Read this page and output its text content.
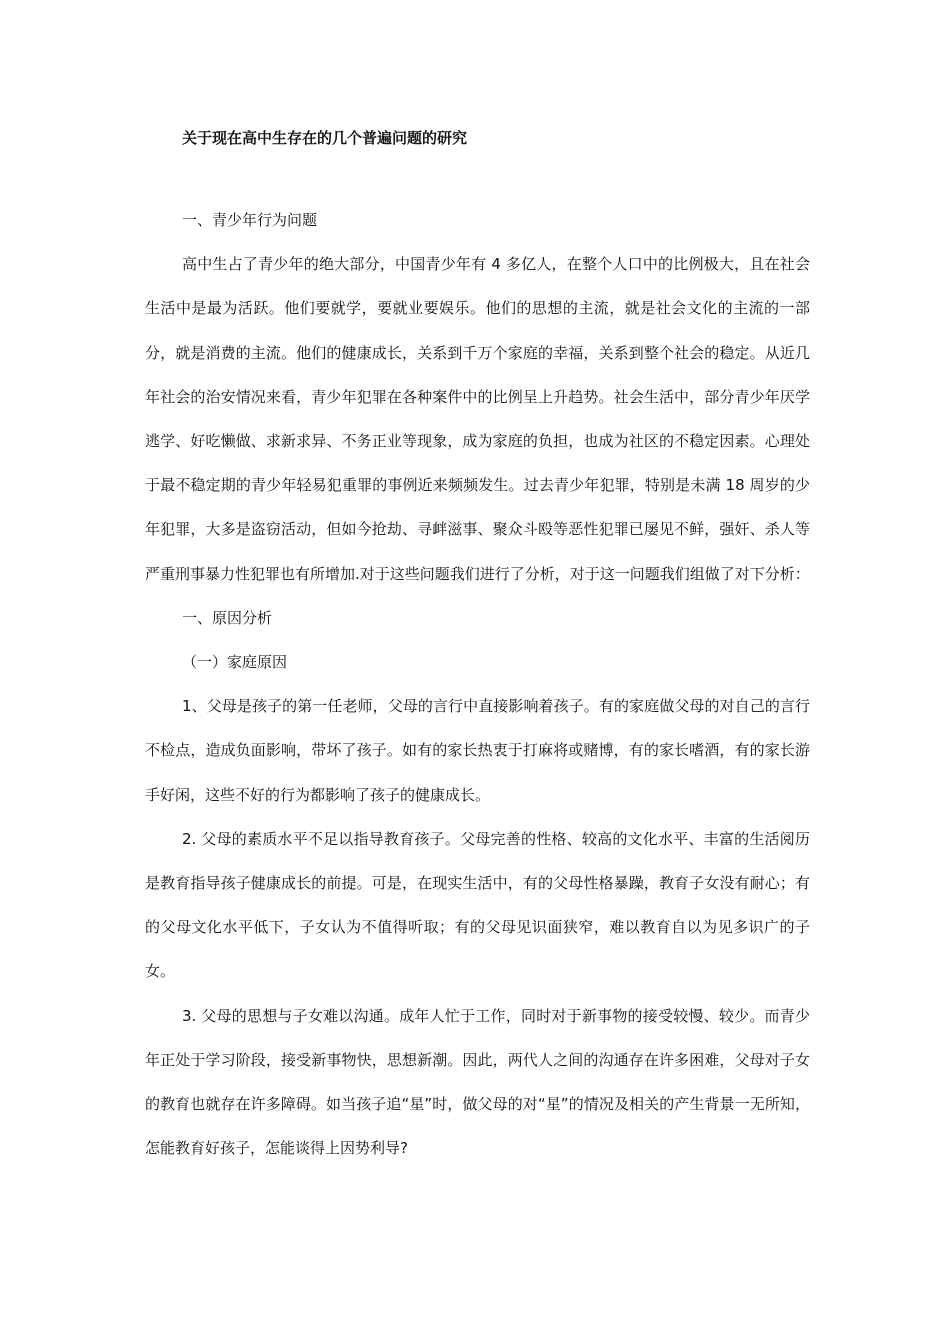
关于现在高中生存在的几个普遍问题的研究

一、青少年行为问题

高中生占了青少年的绝大部分，中国青少年有 4 多亿人，在整个人口中的比例极大，且在社会生活中是最为活跃。他们要就学，要就业要娱乐。他们的思想的主流，就是社会文化的主流的一部分，就是消费的主流。他们的健康成长，关系到千万个家庭的幸福，关系到整个社会的稳定。从近几年社会的治安情况来看，青少年犯罪在各种案件中的比例呈上升趋势。社会生活中，部分青少年厌学逃学、好吃懒做、求新求异、不务正业等现象，成为家庭的负担，也成为社区的不稳定因素。心理处于最不稳定期的青少年轻易犯重罪的事例近来频频发生。过去青少年犯罪，特别是未满 18 周岁的少年犯罪，大多是盗窃活动，但如今抢劫、寻衅滋事、聚众斗殴等恶性犯罪已屡见不鲜，强奸、杀人等严重刑事暴力性犯罪也有所增加.对于这些问题我们进行了分析，对于这一问题我们组做了对下分析：

一、原因分析

（一）家庭原因

1、父母是孩子的第一任老师，父母的言行中直接影响着孩子。有的家庭做父母的对自己的言行不检点，造成负面影响，带坏了孩子。如有的家长热衷于打麻将或赌博，有的家长嗜酒，有的家长游手好闲，这些不好的行为都影响了孩子的健康成长。

2. 父母的素质水平不足以指导教育孩子。父母完善的性格、较高的文化水平、丰富的生活阅历是教育指导孩子健康成长的前提。可是，在现实生活中，有的父母性格暴躁，教育子女没有耐心；有的父母文化水平低下，子女认为不值得听取；有的父母见识面狭窄，难以教育自以为见多识广的子女。

3. 父母的思想与子女难以沟通。成年人忙于工作，同时对于新事物的接受较慢、较少。而青少年正处于学习阶段，接受新事物快，思想新潮。因此，两代人之间的沟通存在许多困难，父母对子女的教育也就存在许多障碍。如当孩子追“星”时，做父母的对“星”的情况及相关的产生背景一无所知，怎能教育好孩子，怎能谈得上因势利导?
